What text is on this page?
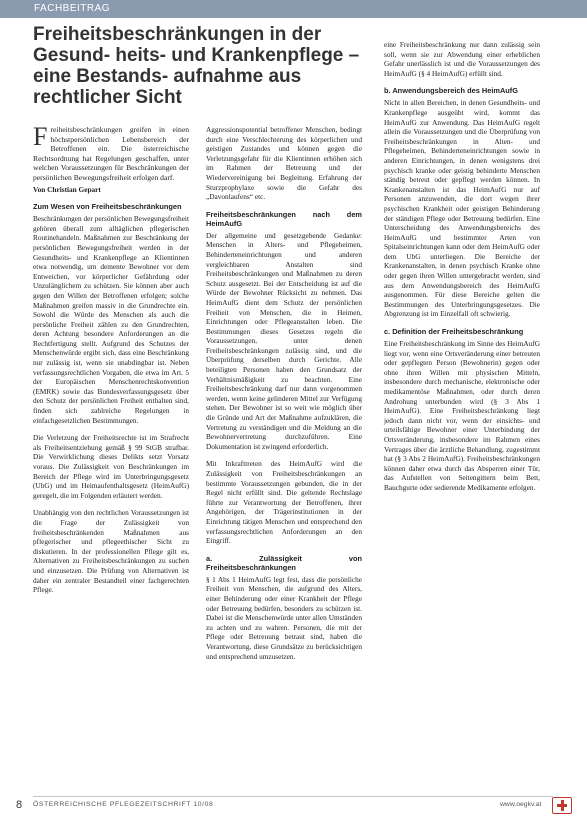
FACHBEITRAG
Freiheitsbeschränkungen in der Gesund- heits- und Krankenpflege – eine Bestands- aufnahme aus rechtlicher Sicht

Freiheitsbeschränkungen greifen in einen höchstpersönlichen Lebensbereich der Betroffenen ein. Die österreichische Rechtsordnung hat Regelungen geschaffen, unter welchen Voraussetzungen für Beschränkungen der persönlichen Bewegungsfreiheit erfolgen darf.

Von Christian Gepart

Zum Wesen von Freiheitsbeschränkungen

Beschränkungen der persönlichen Bewegungsfreiheit gehören überall zum alltäglichen pflegerischen Routinehandeln. Maßnahmen zur Beschränkung der persönlichen Bewegungsfreiheit werden in der Gesundheits- und Krankenpflege an Klientinnen etwa notwendig, um demente Bewohner vor dem Entweichen, vor körperlicher Gefährdung oder Unzulänglichem zu schützen. Sie können aber auch gegen den Willen der Betroffenen erfolgen; solche Maßnahmen greifen massiv in die Grundrechte ein. Sowohl die Würde des Menschen als auch die persönliche Freiheit zählen zu den Grundrechten, deren Achtung besondere Anforderungen an die Rechtfertigung stellt. Aufgrund des Schutzes der Menschenwürde ergibt sich, dass eine Beschränkung nur zulässig ist, wenn sie unabdingbar ist. Neben verfassungsrechtlichen Vorgaben, die etwa im Art. 5 der Europäischen Menschenrechtskonvention (EMRK) sowie das Bundesverfassungsgesetz über den Schutz der persönlichen Freiheit enthalten sind, finden sich zahlreiche Regelungen in einfachgesetzlichen Bestimmungen.

Die Verletzung der Freiheitsrechte ist im Strafrecht als Freiheitsentziehung gemäß § 99 StGB strafbar. Die Verwirklichung dieses Delikts setzt Vorsatz voraus. Die Zulässigkeit von Beschränkungen im Bereich der Pflege wird im Unterbringungsgesetz (UbG) und im Heimaufenthaltsgesetz (HeimAufG) geregelt, die im Folgenden erläutert werden.

Unabhängig von den rechtlichen Voraussetzungen ist die Frage der Zulässigkeit von freiheitsbeschränkenden Maßnahmen aus pflegerischer und pflegeethischer Sicht zu diskutieren. In der professionellen Pflege gilt es, Alternativen zu Freiheitsbeschränkungen zu suchen und einzusetzen. Die Prüfung von Alternativen ist daher ein zentraler Bestandteil einer fachgerechten Pflege.

Aggressionspotential betroffener Menschen, bedingt durch eine Verschlechterung des körperlichen und geistigen Zustandes und können gegen die Verletzungsgefahr für die Klientinnen erhöhen sich im Rahmen der Betreuung und der Wiedervereinigung bei Begleitung. Erfahrung der Sturzprophylaxe sowie die Gefahr des „Davonlaufens“ etc.

Freiheitsbeschränkungen nach dem HeimAufG

Der allgemeine und gesetzgebende Gedanke: Menschen in Alters- und Pflegeheimen, Behinderteneinrichtungen und anderen vergleichbaren Anstalten sind Freiheitsbeschränkungen und Maßnahmen zu deren Schutz ausgesetzt. Bei der Entscheidung ist auf die Würde der Bewohner Rücksicht zu nehmen. Das HeimAufG dient dem Schutz der persönlichen Freiheit von Menschen, die in Heimen, Einrichtungen oder Pflegeanstalten leben. Die Bestimmungen dieses Gesetzes regeln die Voraussetzungen, unter denen Freiheitsbeschränkungen zulässig sind, und die Überprüfung derselben durch Gerichte. Alle beteiligten Personen haben den Grundsatz der Verhältnismäßigkeit zu beachten. Eine Freiheitsbeschränkung darf nur dann vorgenommen werden, wenn keine gelinderen Mittel zur Verfügung stehen. Der Bewohner ist so weit wie möglich über die Gründe und Art der Maßnahme aufzuklären, die Vertretung zu verständigen und die Meldung an die Bewohnervertretung durchzuführen. Eine Dokumentation ist zwingend erforderlich.

Mit Inkrafttreten des HeimAufG wird die Zulässigkeit von Freiheitsbeschränkungen an bestimmte Voraussetzungen gebunden, die in der Regel nicht erfüllt sind. Die geltende Rechtslage führte zur Verantwortung der Betroffenen, ihrer Angehörigen, der Trägerinstitutionen in der Einrichtung tätigen Menschen und entsprechend den verfassungsrechtlichen Anforderungen an den Eingriff.

a. Zulässigkeit von Freiheitsbeschränkungen

§ 1 Abs 1 HeimAufG legt fest, dass die persönliche Freiheit von Menschen, die aufgrund des Alters, einer Behinderung oder einer Krankheit der Pflege oder Betreuung bedürfen, besonders zu schützen ist. Dabei ist die Menschenwürde unter allen Umständen zu achten und zu wahren. Personen, die mit der Pflege oder Betreuung betraut sind, haben die Verantwortung, diese Grundsätze zu berücksichtigen und entsprechend umzusetzen.

eine Freiheitsbeschränkung nur dann zulässig sein soll, wenn sie zur Abwendung einer erheblichen Gefahr unerlässlich ist und die Voraussetzungen des HeimAufG (§ 4 HeimAufG) erfüllt sind.

b. Anwendungsbereich des HeimAufG

Nicht in allen Bereichen, in denen Gesundheits- und Krankenpflege ausgeübt wird, kommt das HeimAufG zur Anwendung. Das HeimAufG regelt allein die Voraussetzungen und die Überprüfung von Freiheitsbeschränkungen in Alten- und Pflegeheimen, Behinderteneinrichtungen sowie in anderen Einrichtungen, in denen wenigstens drei psychisch kranke oder geistig behinderte Menschen ständig betreut oder gepflegt werden können. In Krankenanstalten ist das HeimAufG nur auf Personen anzuwenden, die dort wegen ihrer psychischen Krankheit oder geistigen Behinderung der ständigen Pflege oder Betreuung bedürfen. Eine Unterscheidung des Anwendungsbereichs des HeimAufG und bestimmter Arten von Spitalseinrichtungen kann oder dem HeimAufG oder dem UbG unterliegen. Die Bereiche der Krankenanstalten, in denen psychisch Kranke ohne oder gegen ihren Willen untergebracht werden, sind aus dem Anwendungsbereich des HeimAufG ausgenommen. Für diese Bereiche gelten die Bestimmungen des Unterbringungsgesetzes. Die Abgrenzung ist im Einzelfall oft schwierig.

c. Definition der Freiheitsbeschränkung

Eine Freiheitsbeschränkung im Sinne des HeimAufG liegt vor, wenn eine Ortsveränderung einer betreuten oder gepflegten Person (Bewohnerin) gegen oder ohne ihren Willen mit physischen Mitteln, insbesondere durch mechanische, elektronische oder medikamentöse Maßnahmen, oder durch deren Androhung unterbunden wird (§ 3 Abs 1 HeimAufG). Eine Freiheitsbeschränkung liegt jedoch dann nicht vor, wenn der einsichts- und urteilsfähige Bewohner einer Unterbindung der Ortsveränderung, insbesondere im Rahmen eines Vertrages über die ärztliche Behandlung, zugestimmt hat (§ 3 Abs 2 HeimAufG). Freiheitsbeschränkungen können daher etwa durch das Absperren einer Tür, das Aufstellen von Seitengittern beim Bett, Bauchgurte oder sedierende Medikamente erfolgen.

8 ÖSTERREICHISCHE PFLEGEZEITSCHRIFT 10/08	www.oegkv.at
